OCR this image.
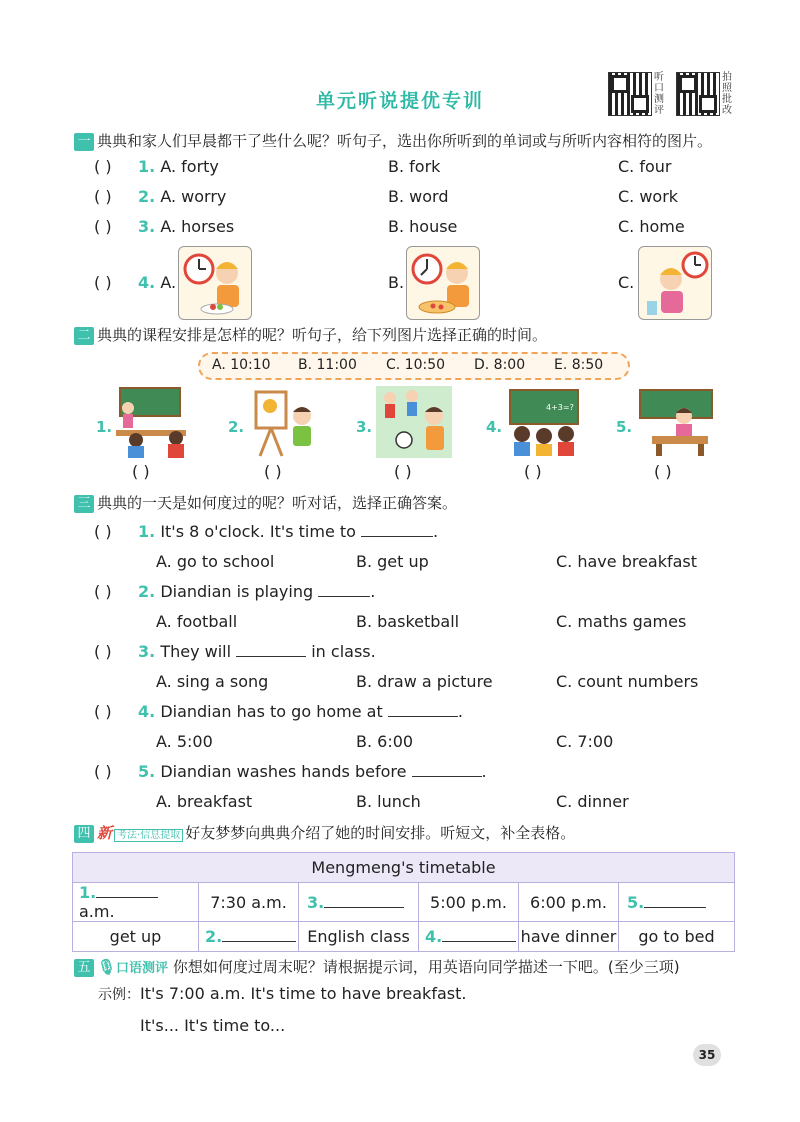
单元听说提优专训
听口测评
拍照批改
一 典典和家人们早晨都干了些什么呢？听句子，选出你所听到的单词或与所听内容相符的图片。
( ) 1. A. forty	B. fork	C. four
( ) 2. A. worry	B. word	C. work
( ) 3. A. horses	B. house	C. home
( ) 4. A.	B.	C.
二 典典的课程安排是怎样的呢？听句子，给下列图片选择正确的时间。
A. 10:10 B. 11:00 C. 10:50 D. 8:00 E. 8:50
1.
( )
2.
( )
3.
( )
4.
4+3=?
( )
5.
( )
三 典典的一天是如何度过的呢？听对话，选择正确答案。
( ) 1. It's 8 o'clock. It's time to	.
A. go to school	B. get up	C. have breakfast
( ) 2. Diandian is playing	.
A. football	B. basketball	C. maths games
( ) 3. They will	in class.
A. sing a song	B. draw a picture	C. count numbers
( ) 4. Diandian has to go home at	.
A. 5:00	B. 6:00	C. 7:00
( ) 5. Diandian washes hands before	.
A. breakfast	B. lunch	C. dinner
四 新 考法·信息提取 好友梦梦向典典介绍了她的时间安排。听短文，补全表格。
Mengmeng's timetable					
1. a.m.	7:30 a.m.	3.	5:00 p.m.	6:00 p.m.	5.
get up	2.	English class	4.	have dinner	go to bed
五 🎙口语测评 你想如何度过周末呢？请根据提示词，用英语向同学描述一下吧。(至少三项)
示例：It's 7:00 a.m. It's time to have breakfast.
It's... It's time to...
35
